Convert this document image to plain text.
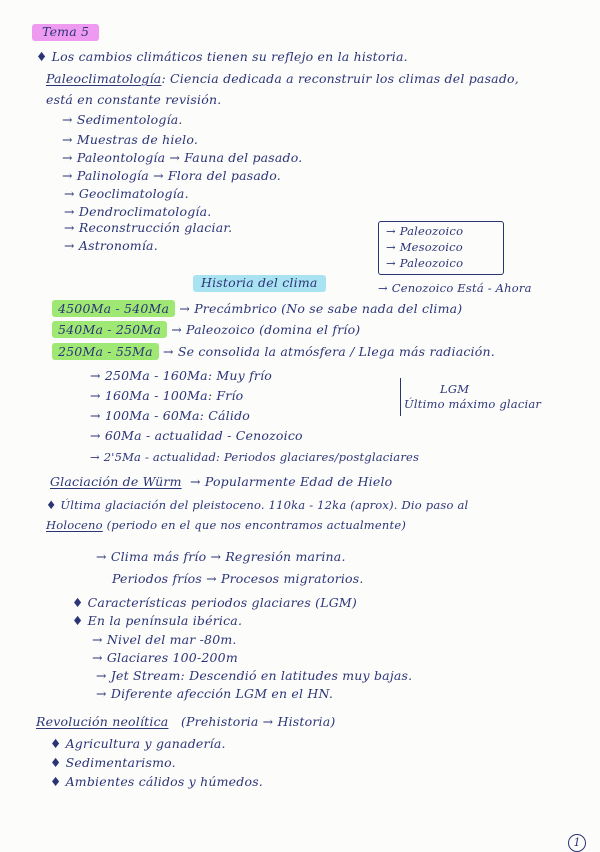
Tema 5
♦ Los cambios climáticos tienen su reflejo en la historia.
Paleoclimatología: Ciencia dedicada a reconstruir los climas del pasado,
está en constante revisión.
→ Sedimentología.
→ Muestras de hielo.
→ Paleontología → Fauna del pasado.
→ Palinología → Flora del pasado.
→ Geoclimatología.
→ Dendroclimatología.
→ Reconstrucción glaciar.
→ Astronomía.
→ Paleozoico
→ Mesozoico
→ Paleozoico
→ Cenozoico Está - Ahora
Historia del clima
4500Ma - 540Ma → Precámbrico (No se sabe nada del clima)
540Ma - 250Ma → Paleozoico (domina el frío)
250Ma - 55Ma → Se consolida la atmósfera / Llega más radiación.
→ 250Ma - 160Ma: Muy frío
→ 160Ma - 100Ma: Frío
→ 100Ma - 60Ma: Cálido
→ 60Ma - actualidad - Cenozoico
→ 2'5Ma - actualidad: Periodos glaciares/postglaciares
LGM
Último máximo glaciar
Glaciación de Würm → Popularmente Edad de Hielo
♦ Última glaciación del pleistoceno. 110ka - 12ka (aprox). Dio paso al
Holoceno (periodo en el que nos encontramos actualmente)
→ Clima más frío → Regresión marina.
Periodos fríos → Procesos migratorios.
♦ Características periodos glaciares (LGM)
♦ En la península ibérica.
→ Nivel del mar -80m.
→ Glaciares 100-200m
→ Jet Stream: Descendió en latitudes muy bajas.
→ Diferente afección LGM en el HN.
Revolución neolítica (Prehistoria → Historia)
♦ Agricultura y ganadería.
♦ Sedimentarismo.
♦ Ambientes cálidos y húmedos.
1
